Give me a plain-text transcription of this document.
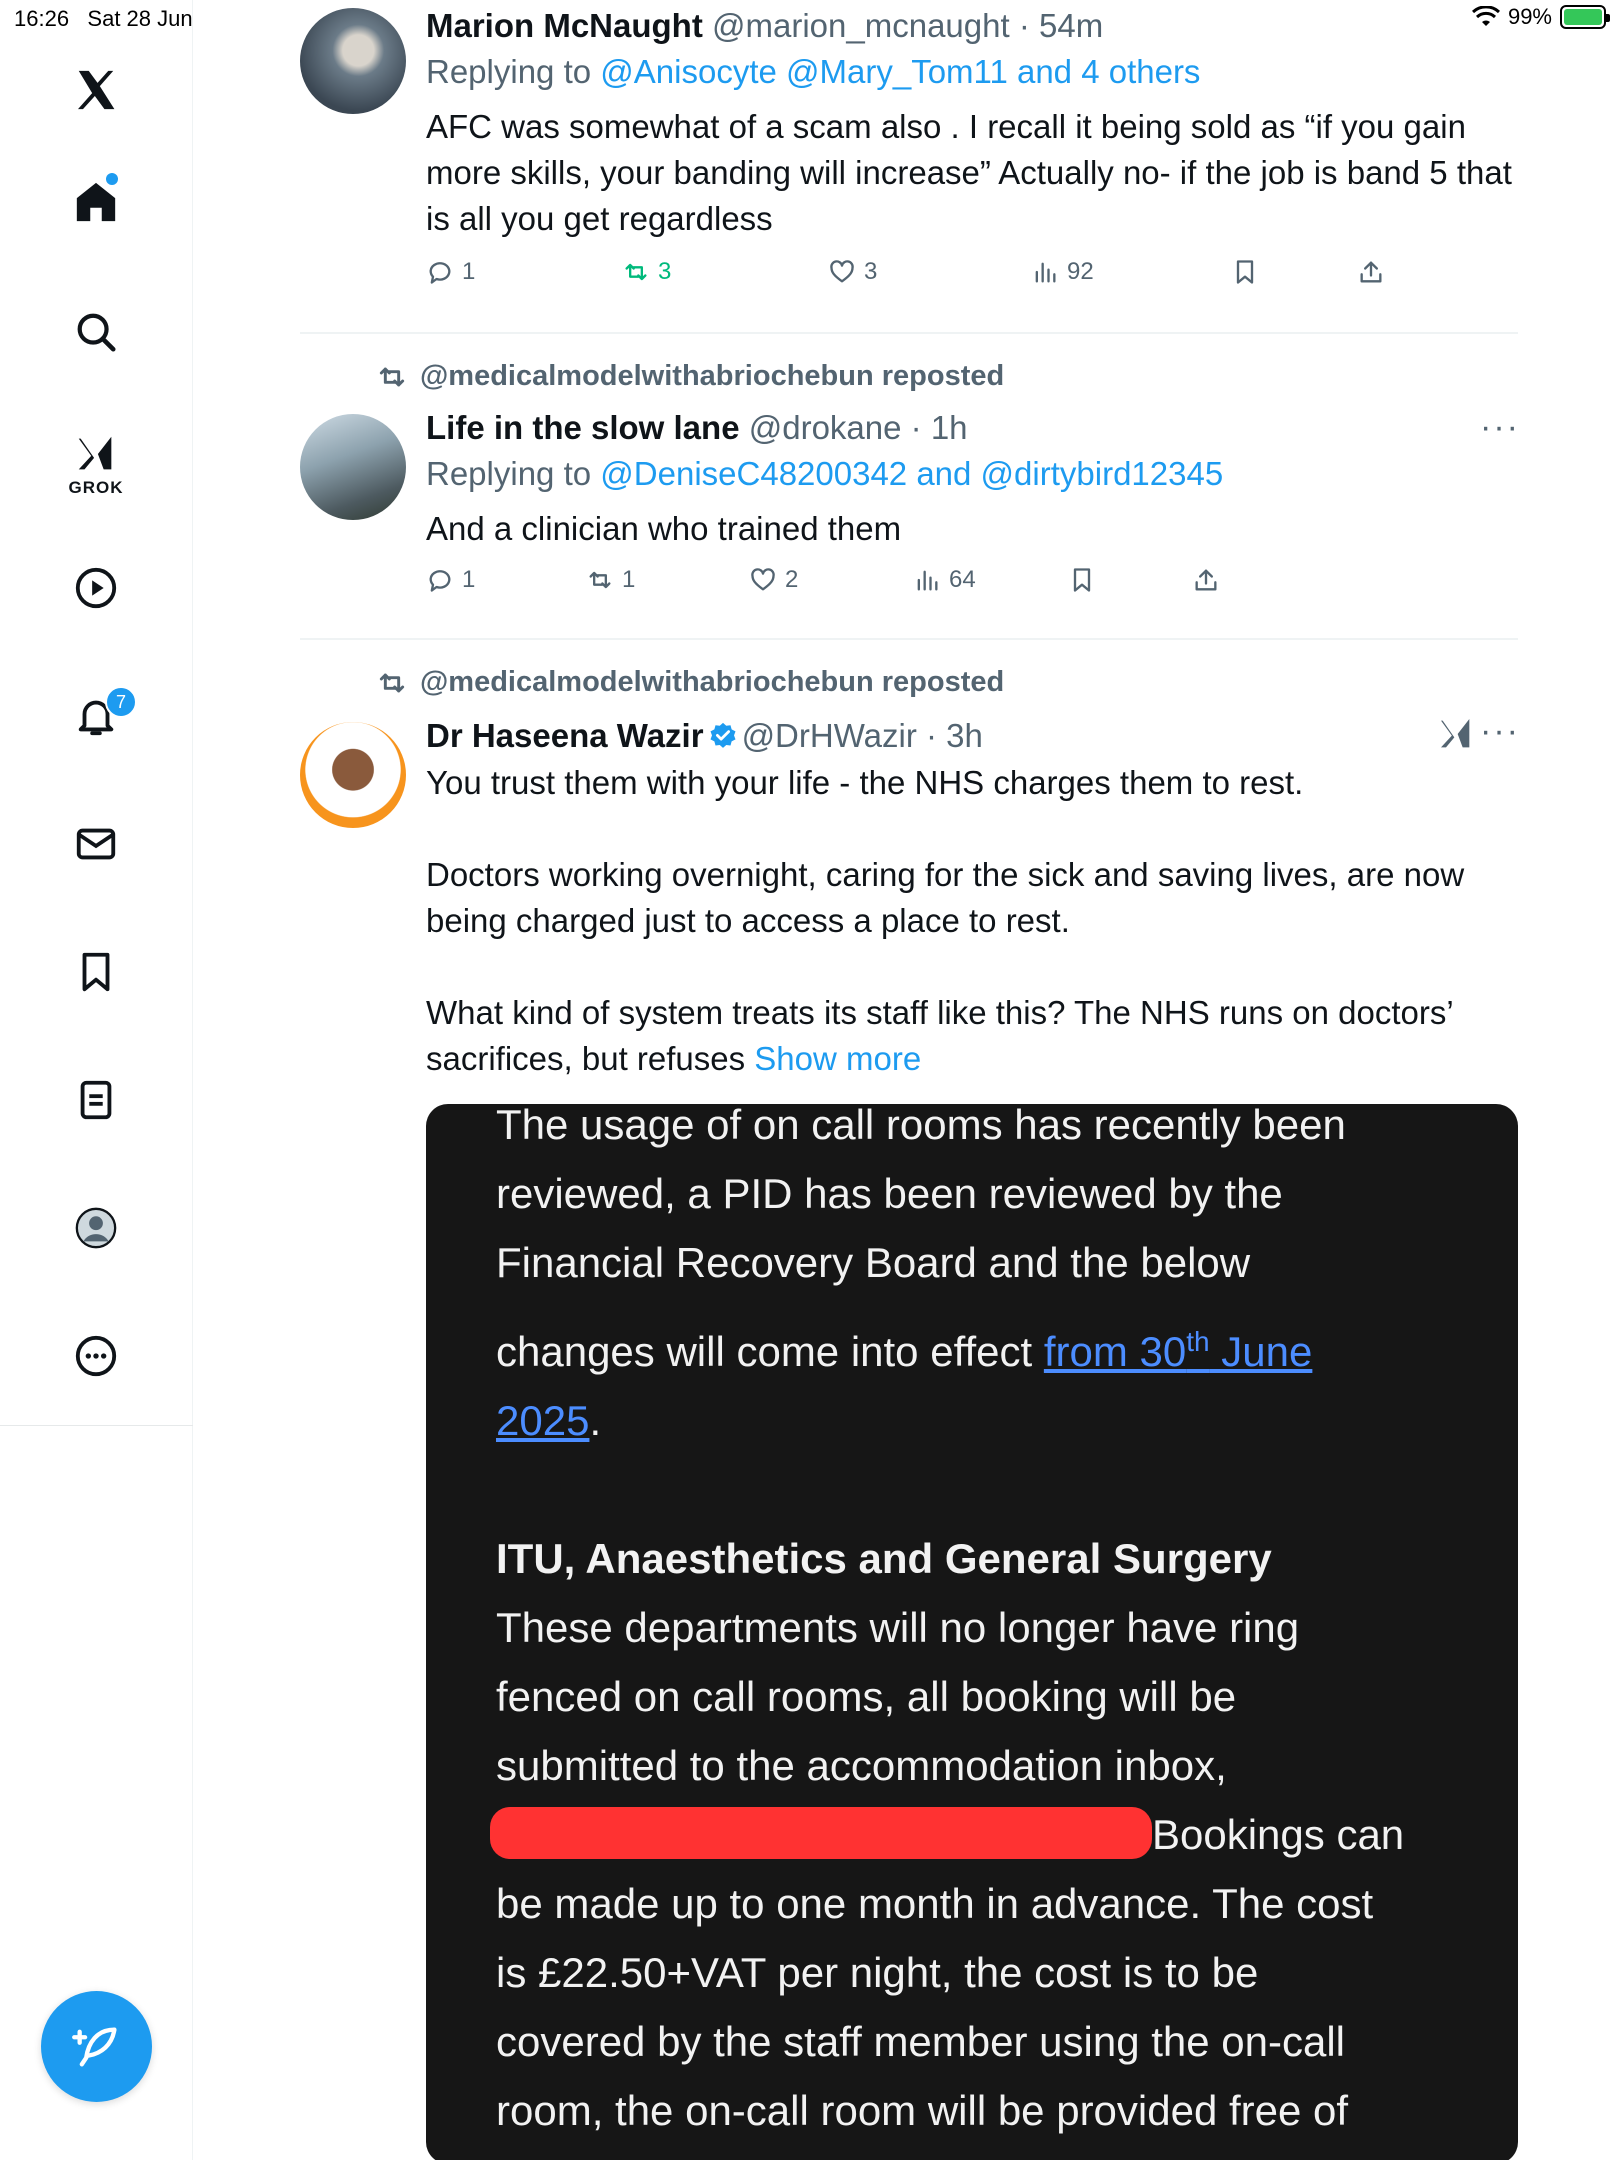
16:26 Sat 28 Jun	99%
GROK
7
Marion McNaught @marion_mcnaught · 54m
Replying to @Anisocyte @Mary_Tom11 and 4 others
AFC was somewhat of a scam also . I recall it being sold as “if you gain more skills, your banding will increase” Actually no- if the job is band 5 that is all you get regardless
1	3	3	92
@medicalmodelwithabriochebun reposted
···
Life in the slow lane @drokane · 1h
Replying to @DeniseC48200342 and @dirtybird12345
And a clinician who trained them
1	1	2	64
@medicalmodelwithabriochebun reposted
···
Dr Haseena Wazir @DrHWazir · 3h
You trust them with your life - the NHS charges them to rest.
Doctors working overnight, caring for the sick and saving lives, are now being charged just to access a place to rest.
What kind of system treats its staff like this? The NHS runs on doctors’ sacrifices, but refuses Show more
The usage of on call rooms has recently been
reviewed, a PID has been reviewed by the
Financial Recovery Board and the below
changes will come into effect from 30th June
2025.
ITU, Anaesthetics and General Surgery
These departments will no longer have ring
fenced on call rooms, all booking will be
submitted to the accommodation inbox,
Bookings can
be made up to one month in advance. The cost
is £22.50+VAT per night, the cost is to be
covered by the staff member using the on-call
room, the on-call room will be provided free of
